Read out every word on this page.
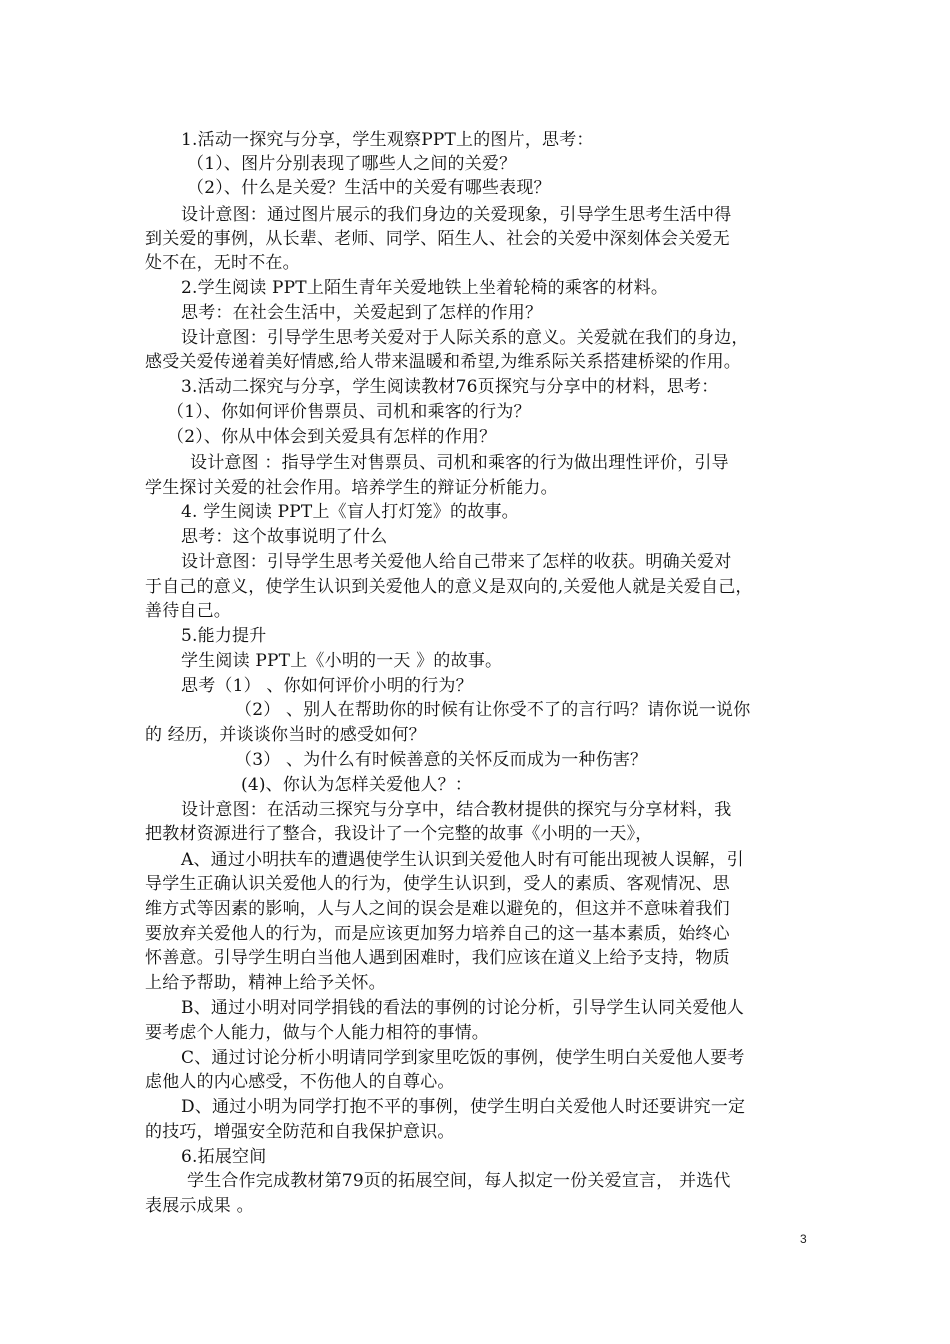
1.活动一探究与分享，学生观察PPT上的图片，思考：
（1）、图片分别表现了哪些人之间的关爱？
（2）、什么是关爱？生活中的关爱有哪些表现？
设计意图：通过图片展示的我们身边的关爱现象，引导学生思考生活中得
到关爱的事例，从长辈、老师、同学、陌生人、社会的关爱中深刻体会关爱无
处不在，无时不在。
2.学生阅读 PPT上陌生青年关爱地铁上坐着轮椅的乘客的材料。
思考：在社会生活中，关爱起到了怎样的作用？
设计意图：引导学生思考关爱对于人际关系的意义。关爱就在我们的身边，
感受关爱传递着美好情感,给人带来温暖和希望,为维系际关系搭建桥梁的作用。
3.活动二探究与分享，学生阅读教材76页探究与分享中的材料，思考：
（1）、你如何评价售票员、司机和乘客的行为？
（2）、你从中体会到关爱具有怎样的作用？
设计意图 ：指导学生对售票员、司机和乘客的行为做出理性评价，引导
学生探讨关爱的社会作用。培养学生的辩证分析能力。
4. 学生阅读 PPT上《盲人打灯笼》的故事。
思考：这个故事说明了什么
设计意图：引导学生思考关爱他人给自己带来了怎样的收获。明确关爱对
于自己的意义，使学生认识到关爱他人的意义是双向的,关爱他人就是关爱自己，
善待自己。
5.能力提升
学生阅读 PPT上《小明的一天 》的故事。
思考（1） 、你如何评价小明的行为？
（2） 、别人在帮助你的时候有让你受不了的言行吗？请你说一说你
的 经历，并谈谈你当时的感受如何？
（3） 、为什么有时候善意的关怀反而成为一种伤害？
(4)、你认为怎样关爱他人？：
设计意图：在活动三探究与分享中，结合教材提供的探究与分享材料，我
把教材资源进行了整合，我设计了一个完整的故事《小明的一天》，
A、通过小明扶车的遭遇使学生认识到关爱他人时有可能出现被人误解，引
导学生正确认识关爱他人的行为，使学生认识到，受人的素质、客观情况、思
维方式等因素的影响，人与人之间的误会是难以避免的，但这并不意味着我们
要放弃关爱他人的行为，而是应该更加努力培养自己的这一基本素质，始终心
怀善意。引导学生明白当他人遇到困难时，我们应该在道义上给予支持，物质
上给予帮助，精神上给予关怀。
B、通过小明对同学捐钱的看法的事例的讨论分析，引导学生认同关爱他人
要考虑个人能力，做与个人能力相符的事情。
C、通过讨论分析小明请同学到家里吃饭的事例，使学生明白关爱他人要考
虑他人的内心感受，不伤他人的自尊心。
D、通过小明为同学打抱不平的事例，使学生明白关爱他人时还要讲究一定
的技巧，增强安全防范和自我保护意识。
6.拓展空间
学生合作完成教材第79页的拓展空间，每人拟定一份关爱宣言， 并选代
表展示成果 。
3
